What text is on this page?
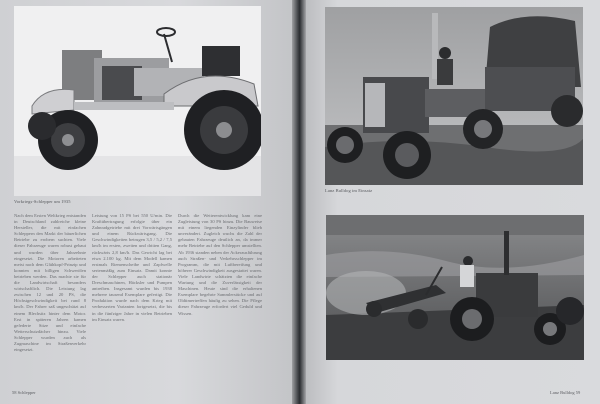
Vorkriegs-Schlepper um 1935
Lanz Bulldog im Einsatz

Nach dem Ersten Weltkrieg entstanden in Deutschland zahlreiche kleine Hersteller, die mit einfachen Schleppern den Markt der bäuerlichen Betriebe zu erobern suchten. Viele dieser Fahrzeuge waren robust gebaut und wurden über Jahrzehnte eingesetzt. Die Motoren arbeiteten meist nach dem Glühkopf-Prinzip und konnten mit billigen Schwerölen betrieben werden. Das machte sie für die Landwirtschaft besonders wirtschaftlich. Die Leistung lag zwischen 12 und 20 PS, die Höchstgeschwindigkeit bei rund 8 km/h. Der Fahrer saß ungeschützt auf einem Blechsitz hinter dem Motor. Erst in späteren Jahren kamen gefederte Sitze und einfache Wetterschutzdächer hinzu. Viele Schlepper wurden auch als Zugmaschine im Straßenverkehr eingesetzt.

Leistung von 15 PS bei 550 U/min. Die Kraftübertragung erfolgte über ein Zahnradgetriebe mit drei Vorwärtsgängen und einem Rückwärtsgang. Die Geschwindigkeiten betrugen 3,5 / 5,2 / 7,5 km/h im ersten, zweiten und dritten Gang, rückwärts 2,8 km/h. Das Gewicht lag bei etwa 2.100 kg. Mit dem Modell kamen erstmals Riemenscheibe und Zapfwelle serienmäßig zum Einsatz. Damit konnte der Schlepper auch stationär Dreschmaschinen, Häcksler und Pumpen antreiben. Insgesamt wurden bis 1938 mehrere tausend Exemplare gefertigt. Die Produktion wurde nach dem Krieg mit verbesserten Varianten fortgesetzt, die bis in die fünfziger Jahre in vielen Betrieben im Einsatz waren.

Durch die Weiterentwicklung kam eine Zugleistung von 30 PS hinzu. Die Bauweise mit einem liegenden Einzylinder blieb unverändert. Zugleich wuchs die Zahl der gebauten Fahrzeuge deutlich an, da immer mehr Betriebe auf den Schlepper umstellten. Ab 1936 standen neben der Ackerausführung auch Straßen- und Verkehrsschlepper im Programm, die mit Luftbereifung und höherer Geschwindigkeit ausgestattet waren. Viele Landwirte schätzten die einfache Wartung und die Zuverlässigkeit der Maschinen. Heute sind die erhaltenen Exemplare begehrte Sammlerstücke und auf Oldtimertreffen häufig zu sehen. Die Pflege dieser Fahrzeuge erfordert viel Geduld und Wissen.

58 Schlepper	Lanz Bulldog 59
